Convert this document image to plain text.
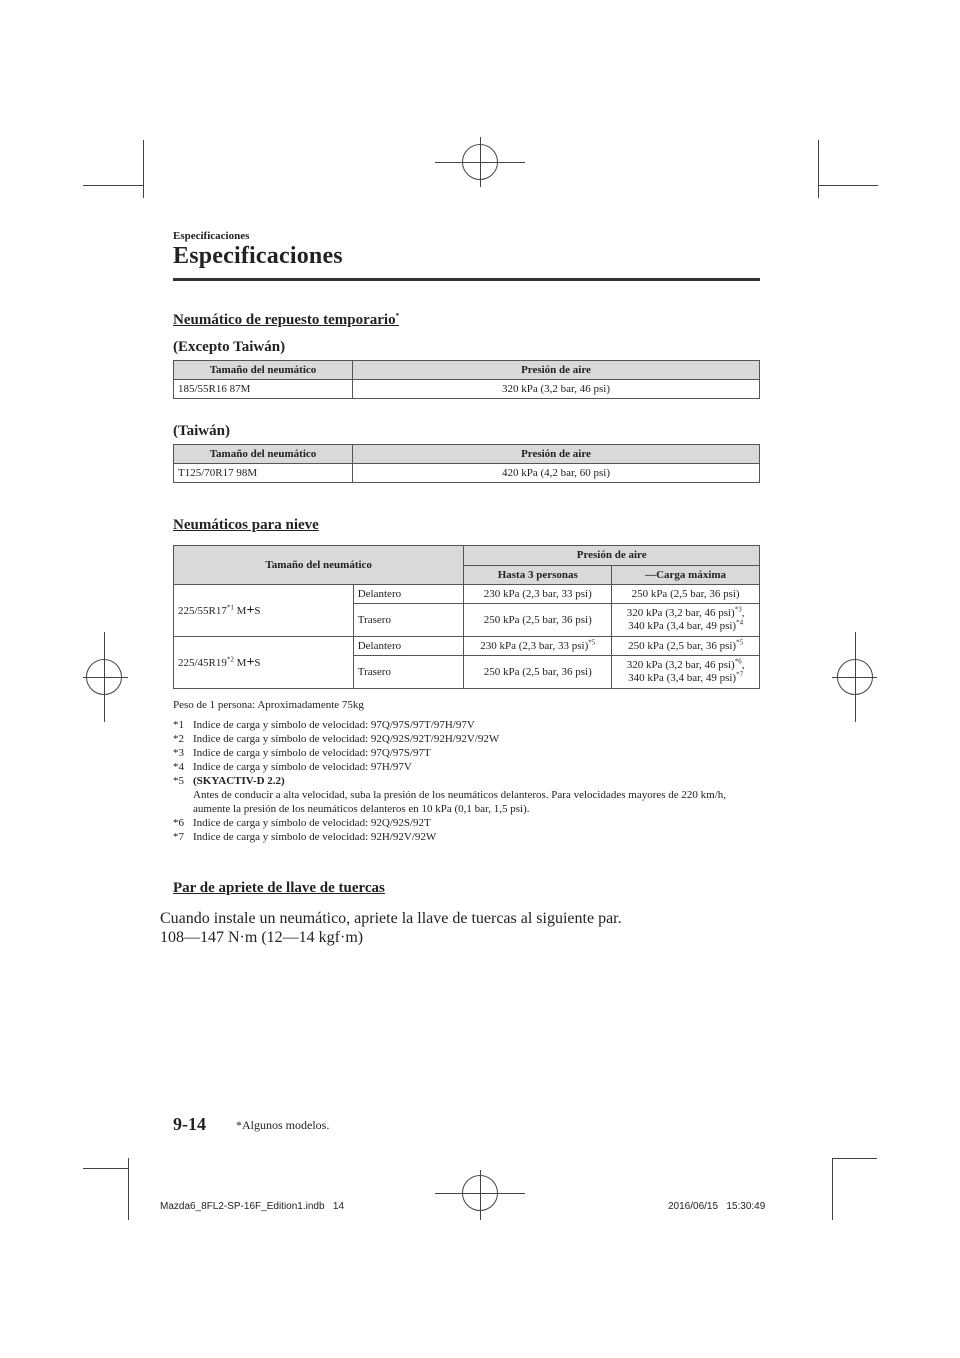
Especificaciones
Especificaciones
Neumático de repuesto temporario*
(Excepto Taiwán)
Tamaño del neumático	Presión de aire
185/55R16 87M	320 kPa (3,2 bar, 46 psi)
(Taiwán)
Tamaño del neumático	Presión de aire
T125/70R17 98M	420 kPa (4,2 bar, 60 psi)
Neumáticos para nieve
Tamaño del neumático		Presión de aire	
		Hasta 3 personas	—Carga máxima
225/55R17$^{*1}$ M+S	Delantero	230 kPa (2,3 bar, 33 psi)	250 kPa (2,5 bar, 36 psi)
	Trasero	250 kPa (2,5 bar, 36 psi)	320 kPa (3,2 bar, 46 psi)$^{*3}$,
340 kPa (3,4 bar, 49 psi)$^{*4}$
225/45R19$^{*2}$ M+S	Delantero	230 kPa (2,3 bar, 33 psi)$^{*5}$	250 kPa (2,5 bar, 36 psi)$^{*5}$
	Trasero	250 kPa (2,5 bar, 36 psi)	320 kPa (3,2 bar, 46 psi)$^{*6}$,
340 kPa (3,4 bar, 49 psi)$^{*7}$
Peso de 1 persona: Aproximadamente 75kg
*1 Indice de carga y símbolo de velocidad: 97Q/97S/97T/97H/97V
*2 Indice de carga y símbolo de velocidad: 92Q/92S/92T/92H/92V/92W
*3 Indice de carga y símbolo de velocidad: 97Q/97S/97T
*4 Indice de carga y símbolo de velocidad: 97H/97V
*5 (SKYACTIV-D 2.2)
Antes de conducir a alta velocidad, suba la presión de los neumáticos delanteros. Para velocidades mayores de 220 km/h, aumente la presión de los neumáticos delanteros en 10 kPa (0,1 bar, 1,5 psi).
*6 Indice de carga y símbolo de velocidad: 92Q/92S/92T
*7 Indice de carga y símbolo de velocidad: 92H/92V/92W
Par de apriete de llave de tuercas
Cuando instale un neumático, apriete la llave de tuercas al siguiente par.
108—147 N·m (12—14 kgf·m)
9-14	*Algunos modelos.
Mazda6_8FL2-SP-16F_Edition1.indb   14	2016/06/15   15:30:49
